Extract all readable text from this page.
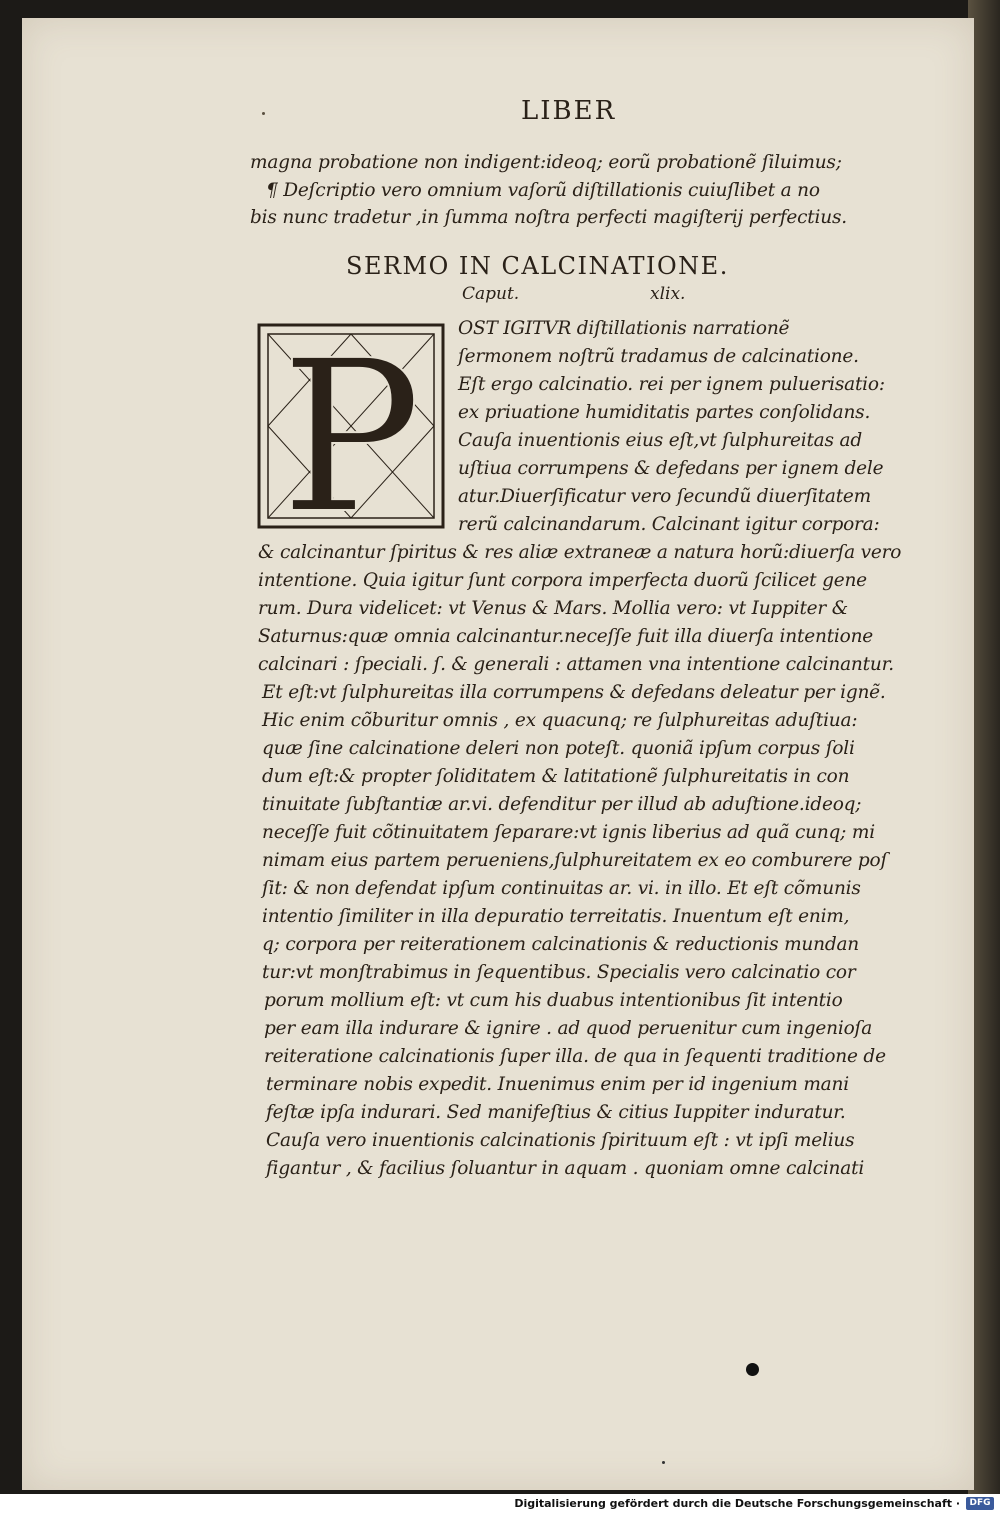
LIBER
magna probatione non indigent:ideoq; eorũ probationẽ ſiluimus;
¶ Deſcriptio vero omnium vaſorũ diſtillationis cuiuſlibet a no
bis nunc tradetur ,in ſumma noſtra perfecti magiſterij perfectius.
SERMO IN CALCINATIONE.
Caput.	xlix.
P OST IGITVR diſtillationis narrationẽ
ſermonem noſtrũ tradamus de calcinatione.
Eſt ergo calcinatio. rei per ignem puluerisatio:
ex priuatione humiditatis partes conſolidans.
Cauſa inuentionis eius eſt,vt ſulphureitas ad
uſtiua corrumpens & defedans per ignem dele
atur.Diuerſificatur vero ſecundũ diuerſitatem
rerũ calcinandarum. Calcinant igitur corpora:
& calcinantur ſpiritus & res aliæ extraneæ a natura horũ:diuerſa vero
intentione. Quia igitur ſunt corpora imperfecta duorũ ſcilicet gene
rum. Dura videlicet: vt Venus & Mars. Mollia vero: vt Iuppiter &
Saturnus:quæ omnia calcinantur.neceſſe fuit illa diuerſa intentione
calcinari : ſpeciali. ſ. & generali : attamen vna intentione calcinantur.
Et eſt:vt ſulphureitas illa corrumpens & defedans deleatur per ignẽ.
Hic enim cõburitur omnis , ex quacunq; re ſulphureitas aduſtiua:
quæ ſine calcinatione deleri non poteſt. quoniã ipſum corpus ſoli
dum eſt:& propter ſoliditatem & latitationẽ ſulphureitatis in con
tinuitate ſubſtantiæ ar.vi. defenditur per illud ab aduſtione.ideoq;
neceſſe fuit cõtinuitatem ſeparare:vt ignis liberius ad quã cunq; mi
nimam eius partem perueniens,ſulphureitatem ex eo comburere poſ
ſit: & non defendat ipſum continuitas ar. vi. in illo. Et eſt cõmunis
intentio ſimiliter in illa depuratio terreitatis. Inuentum eſt enim,
q; corpora per reiterationem calcinationis & reductionis mundan
tur:vt monſtrabimus in ſequentibus. Specialis vero calcinatio cor
porum mollium eſt: vt cum his duabus intentionibus ſit intentio
per eam illa indurare & ignire . ad quod peruenitur cum ingenioſa
reiteratione calcinationis ſuper illa. de qua in ſequenti traditione de
terminare nobis expedit. Inuenimus enim per id ingenium mani
feſtæ ipſa indurari. Sed manifeſtius & citius Iuppiter induratur.
Cauſa vero inuentionis calcinationis ſpirituum eſt : vt ipſi melius
figantur , & facilius ſoluantur in aquam . quoniam omne calcinati
Digitalisierung gefördert durch die Deutsche Forschungsgemeinschaft ·	DFG
